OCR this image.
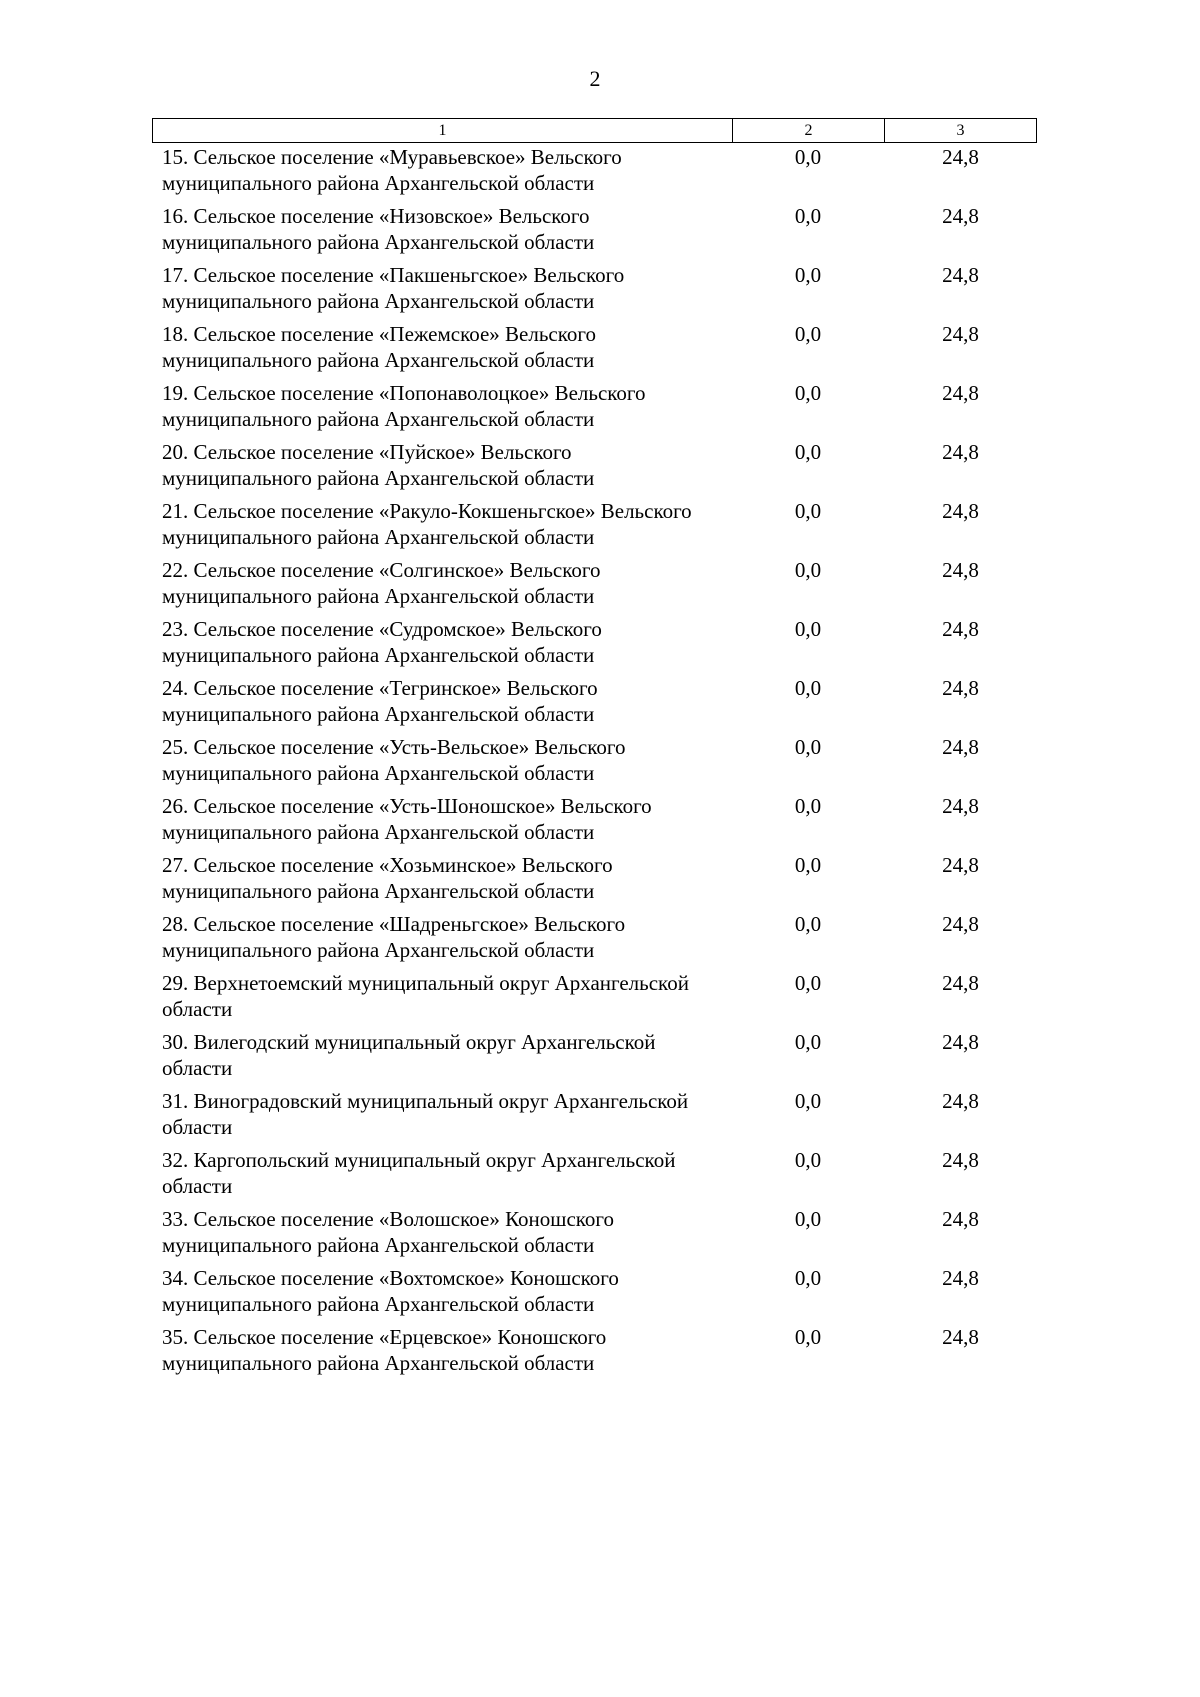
2
1	2	3
15. Сельское поселение «Муравьевское» Вельского муниципального района Архангельской области
0,0	24,8
16. Сельское поселение «Низовское» Вельского муниципального района Архангельской области
0,0	24,8
17. Сельское поселение «Пакшеньгское» Вельского муниципального района Архангельской области
0,0	24,8
18. Сельское поселение «Пежемское» Вельского муниципального района Архангельской области
0,0	24,8
19. Сельское поселение «Попонаволоцкое» Вельского муниципального района Архангельской области
0,0	24,8
20. Сельское поселение «Пуйское» Вельского муниципального района Архангельской области
0,0	24,8
21. Сельское поселение «Ракуло-Кокшеньгское» Вельского муниципального района Архангельской области
0,0	24,8
22. Сельское поселение «Солгинское» Вельского муниципального района Архангельской области
0,0	24,8
23. Сельское поселение «Судромское» Вельского муниципального района Архангельской области
0,0	24,8
24. Сельское поселение «Тегринское» Вельского муниципального района Архангельской области
0,0	24,8
25. Сельское поселение «Усть-Вельское» Вельского муниципального района Архангельской области
0,0	24,8
26. Сельское поселение «Усть-Шоношское» Вельского муниципального района Архангельской области
0,0	24,8
27. Сельское поселение «Хозьминское» Вельского муниципального района Архангельской области
0,0	24,8
28. Сельское поселение «Шадреньгское» Вельского муниципального района Архангельской области
0,0	24,8
29. Верхнетоемский муниципальный округ Архангельской области
0,0	24,8
30. Вилегодский муниципальный округ Архангельской области
0,0	24,8
31. Виноградовский муниципальный округ Архангельской области
0,0	24,8
32. Каргопольский муниципальный округ Архангельской области
0,0	24,8
33. Сельское поселение «Волошское» Коношского муниципального района Архангельской области
0,0	24,8
34. Сельское поселение «Вохтомское» Коношского муниципального района Архангельской области
0,0	24,8
35. Сельское поселение «Ерцевское» Коношского муниципального района Архангельской области
0,0	24,8
